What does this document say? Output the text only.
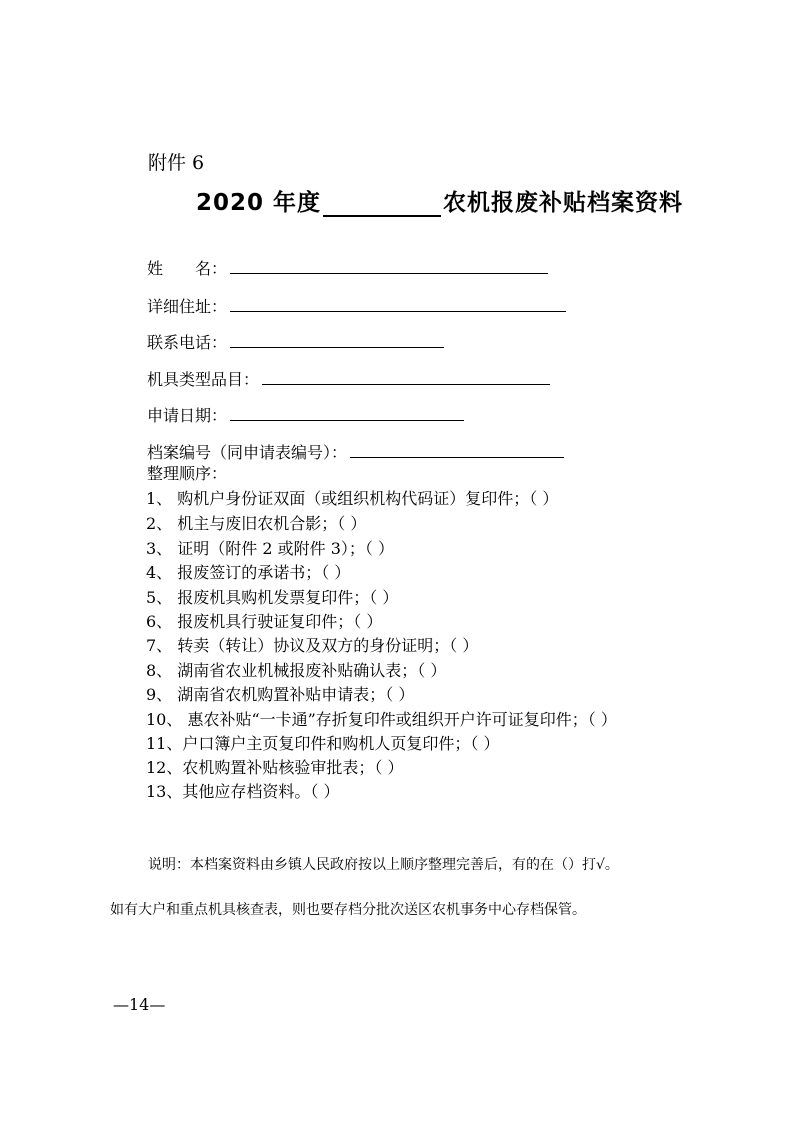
附件 6
2020 年度	农机报废补贴档案资料
姓　　名：
详细住址：
联系电话：
机具类型品目：
申请日期：
档案编号（同申请表编号）：
整理顺序：
1、 购机户身份证双面（或组织机构代码证）复印件；（ ）
2、 机主与废旧农机合影；（ ）
3、 证明（附件 2 或附件 3）；（ ）
4、 报废签订的承诺书；（ ）
5、 报废机具购机发票复印件；（ ）
6、 报废机具行驶证复印件；（ ）
7、 转卖（转让）协议及双方的身份证明；（ ）
8、 湖南省农业机械报废补贴确认表；（ ）
9、 湖南省农机购置补贴申请表；（ ）
10、 惠农补贴“一卡通”存折复印件或组织开户许可证复印件；（ ）
11、户口簿户主页复印件和购机人页复印件；（ ）
12、农机购置补贴核验审批表；（ ）
13、其他应存档资料。（ ）
说明：本档案资料由乡镇人民政府按以上顺序整理完善后，有的在（）打√。
如有大户和重点机具核查表，则也要存档分批次送区农机事务中心存档保管。
—14—
